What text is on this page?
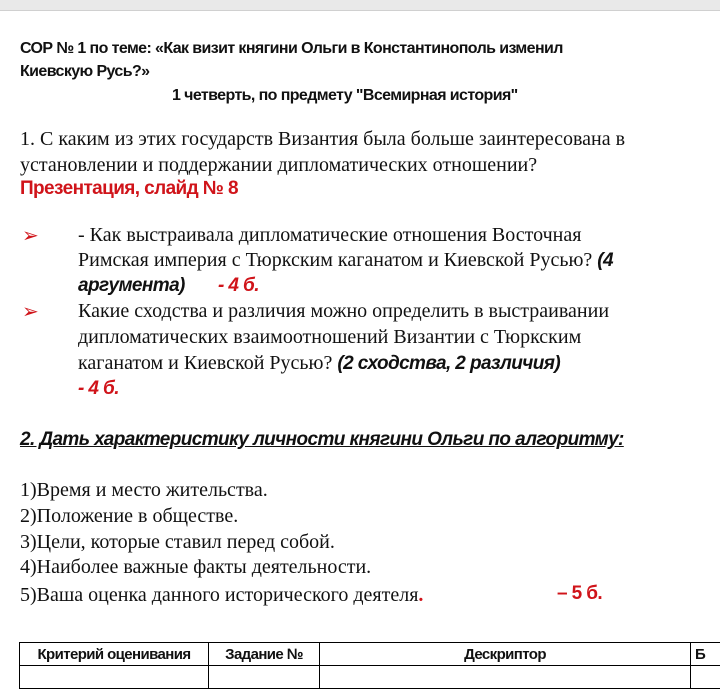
СОР № 1 по теме: «Как визит княгини Ольги в Константинополь изменил
Киевскую Русь?»
1 четверть, по предмету "Всемирная история"
1. С каким из этих государств Византия была больше заинтересована в
установлении и поддержании дипломатических отношении?
Презентация, слайд № 8
➢ - Как выстраивала дипломатические отношения Восточная
Римская империя с Тюркским каганатом и Киевской Русью? (4
аргумента) - 4 б.
➢ Какие сходства и различия можно определить в выстраивании
дипломатических взаимоотношений Византии с Тюркским
каганатом и Киевской Русью? (2 сходства, 2 различия)
- 4 б.
2. Дать характеристику личности княгини Ольги по алгоритму:
1)Время и место жительства.
2)Положение в обществе.
3)Цели, которые ставил перед собой.
4)Наиболее важные факты деятельности.
5)Ваша оценка данного исторического деятеля.	– 5 б.
Критерий оценивания	Задание №	Дескриптор	Б
